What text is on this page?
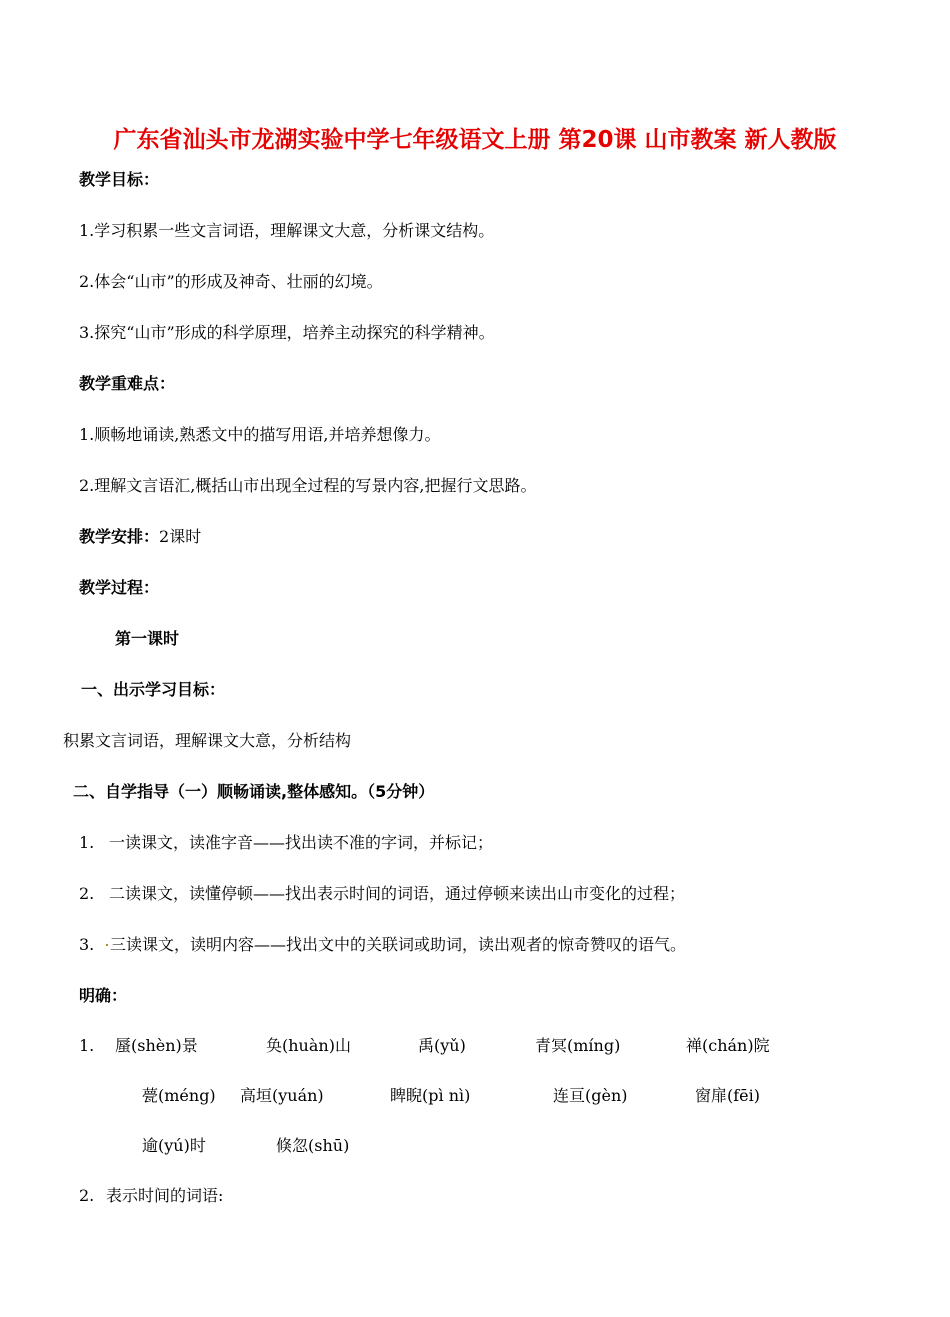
广东省汕头市龙湖实验中学七年级语文上册 第20课 山市教案 新人教版
教学目标：
1.学习积累一些文言词语，理解课文大意，分析课文结构。
2.体会“山市”的形成及神奇、壮丽的幻境。
3.探究“山市”形成的科学原理，培养主动探究的科学精神。
教学重难点：
1.顺畅地诵读,熟悉文中的描写用语,并培养想像力。
2.理解文言语汇,概括山市出现全过程的写景内容,把握行文思路。
教学安排：2课时
教学过程：
第一课时
一、出示学习目标：
积累文言词语，理解课文大意，分析结构
二、自学指导（一）顺畅诵读,整体感知。（5分钟）
1. 一读课文，读准字音——找出读不准的字词，并标记；
2. 二读课文，读懂停顿——找出表示时间的词语，通过停顿来读出山市变化的过程；
3. 三读课文，读明内容——找出文中的关联词或助词，读出观者的惊奇赞叹的语气。
明确：
1. 蜃(shèn)景	奂(huàn)山	禹(yǔ)	青冥(míng)	禅(chán)院
甍(méng) 高垣(yuán)	睥睨(pì nì)	连亘(gèn)	窗扉(fēi)
逾(yú)时	倏忽(shū)
2. 表示时间的词语:
